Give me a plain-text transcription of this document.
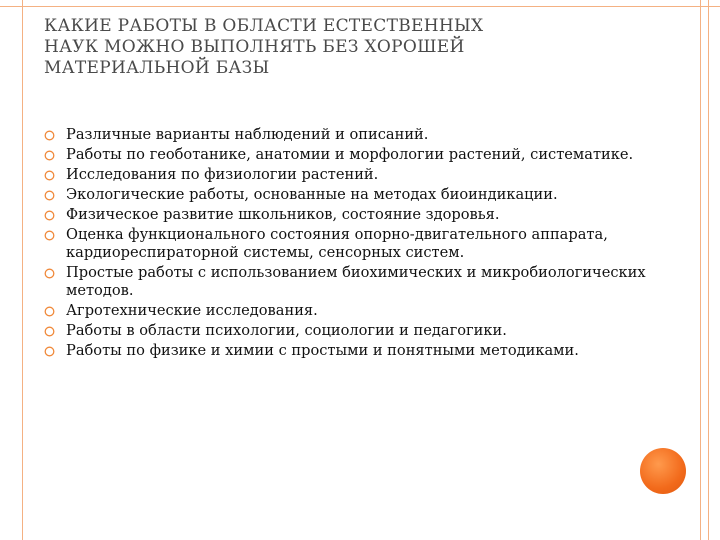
КАКИЕ РАБОТЫ В ОБЛАСТИ ЕСТЕСТВЕННЫХ
НАУК МОЖНО ВЫПОЛНЯТЬ БЕЗ ХОРОШЕЙ
МАТЕРИАЛЬНОЙ БАЗЫ
Различные варианты наблюдений и описаний.
Работы по геоботанике, анатомии и морфологии растений, систематике.
Исследования по физиологии растений.
Экологические работы, основанные на методах биоиндикации.
Физическое развитие школьников, состояние здоровья.
Оценка функционального состояния опорно-двигательного аппарата, кардиореспираторной системы, сенсорных систем.
Простые работы с использованием биохимических и микробиологических методов.
Агротехнические исследования.
Работы в области психологии, социологии и педагогики.
Работы по физике и химии с простыми и понятными методиками.
